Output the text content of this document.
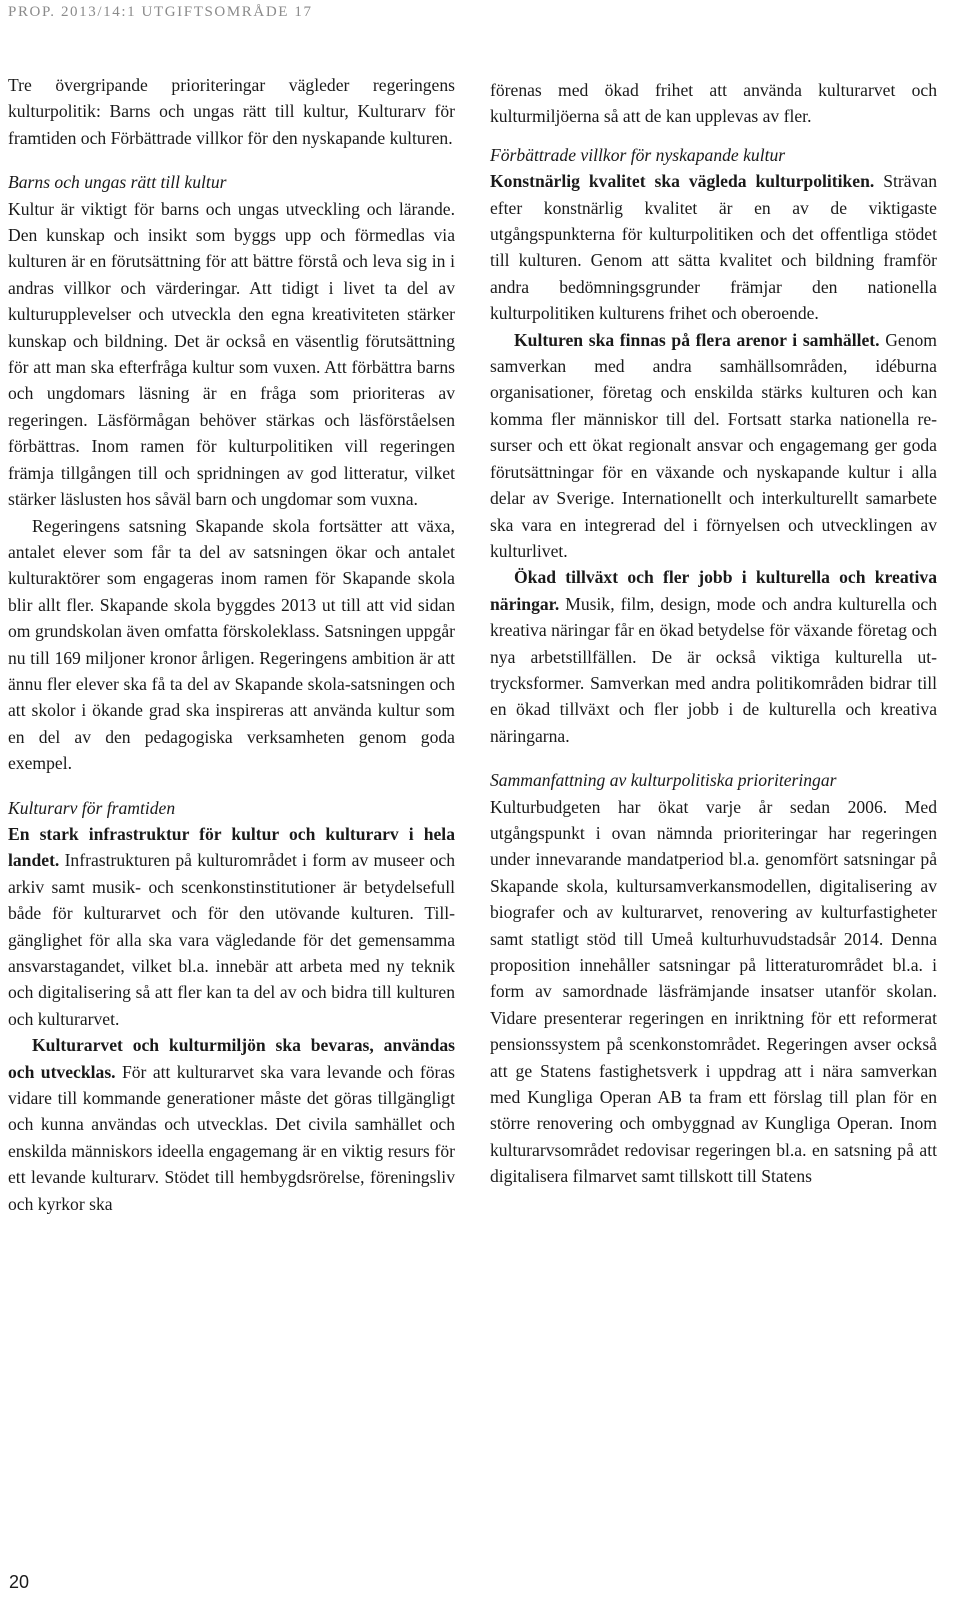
PROP. 2013/14:1 UTGIFTSOMRÅDE 17

Tre övergripande prioriteringar vägleder regeringens kulturpolitik: Barns och ungas rätt till kultur, Kulturarv för framtiden och Förbättrade villkor för den nyskapande kulturen.

Barns och ungas rätt till kultur

Kultur är viktigt för barns och ungas utveckling och lärande. Den kunskap och insikt som byggs upp och förmedlas via kulturen är en förutsättning för att bättre förstå och leva sig in i andras villkor och värderingar. Att tidigt i livet ta del av kulturupplevelser och utveckla den egna kreativiteten stärker kunskap och bildning. Det är också en väsentlig förutsättning för att man ska efterfråga kultur som vuxen. Att förbättra barns och ungdomars läsning är en fråga som prioriteras av regeringen. Läsförmågan behöver stärkas och läsförståelsen förbättras. Inom ramen för kulturpolitiken vill regeringen främja tillgången till och spridningen av god litteratur, vilket stärker läslusten hos såväl barn och ungdomar som vuxna.

Regeringens satsning Skapande skola fortsätter att växa, antalet elever som får ta del av satsningen ökar och antalet kulturaktörer som engageras inom ramen för Skapande skola blir allt fler. Skapande skola byggdes 2013 ut till att vid sidan om grundskolan även omfatta förskoleklass. Satsningen uppgår nu till 169 miljoner kronor årligen. Regeringens ambition är att ännu fler elever ska få ta del av Skapande skola-satsningen och att skolor i ökande grad ska inspireras att använda kultur som en del av den pedagogiska verksamheten genom goda exempel.

Kulturarv för framtiden

En stark infrastruktur för kultur och kulturarv i hela landet. Infrastrukturen på kulturområdet i form av museer och arkiv samt musik- och scenkonstinstitutioner är betydelsefull både för kulturarvet och för den utövande kulturen. Tillgänglighet för alla ska vara vägledande för det gemensamma ansvarstagandet, vilket bl.a. innebär att arbeta med ny teknik och digitalisering så att fler kan ta del av och bidra till kulturen och kulturarvet.

Kulturarvet och kulturmiljön ska bevaras, användas och utvecklas. För att kulturarvet ska vara levande och föras vidare till kommande generationer måste det göras tillgängligt och kunna användas och utvecklas. Det civila samhället och enskilda människors ideella engagemang är en viktig resurs för ett levande kulturarv. Stödet till hembygdsrörelse, föreningsliv och kyrkor ska

förenas med ökad frihet att använda kulturarvet och kulturmiljöerna så att de kan upplevas av fler.

Förbättrade villkor för nyskapande kultur

Konstnärlig kvalitet ska vägleda kulturpolitiken. Strävan efter konstnärlig kvalitet är en av de viktigaste utgångspunkterna för kulturpolitiken och det offentliga stödet till kulturen. Genom att sätta kvalitet och bildning framför andra bedömningsgrunder främjar den nationella kulturpolitiken kulturens frihet och oberoende.

Kulturen ska finnas på flera arenor i samhället. Genom samverkan med andra samhällsområden, idéburna organisationer, företag och enskilda stärks kulturen och kan komma fler människor till del. Fortsatt starka nationella resurser och ett ökat regionalt ansvar och engagemang ger goda förutsättningar för en växande och nyskapande kultur i alla delar av Sverige. Internationellt och interkulturellt samarbete ska vara en integrerad del i förnyelsen och utvecklingen av kulturlivet.

Ökad tillväxt och fler jobb i kulturella och kreativa näringar. Musik, film, design, mode och andra kulturella och kreativa näringar får en ökad betydelse för växande företag och nya arbetstillfällen. De är också viktiga kulturella uttrycksformer. Samverkan med andra politikområden bidrar till en ökad tillväxt och fler jobb i de kulturella och kreativa näringarna.

Sammanfattning av kulturpolitiska prioriteringar

Kulturbudgeten har ökat varje år sedan 2006. Med utgångspunkt i ovan nämnda prioriteringar har regeringen under innevarande mandatperiod bl.a. genomfört satsningar på Skapande skola, kultursamverkansmodellen, digitalisering av biografer och av kulturarvet, renovering av kulturfastigheter samt statligt stöd till Umeå kulturhuvudstadsår 2014. Denna proposition innehåller satsningar på litteraturområdet bl.a. i form av samordnade läsfrämjande insatser utanför skolan. Vidare presenterar regeringen en inriktning för ett reformerat pensionssystem på scenkonstområdet. Regeringen avser också att ge Statens fastighetsverk i uppdrag att i nära samverkan med Kungliga Operan AB ta fram ett förslag till plan för en större renovering och ombyggnad av Kungliga Operan. Inom kulturarvsområdet redovisar regeringen bl.a. en satsning på att digitalisera filmarvet samt tillskott till Statens

20
